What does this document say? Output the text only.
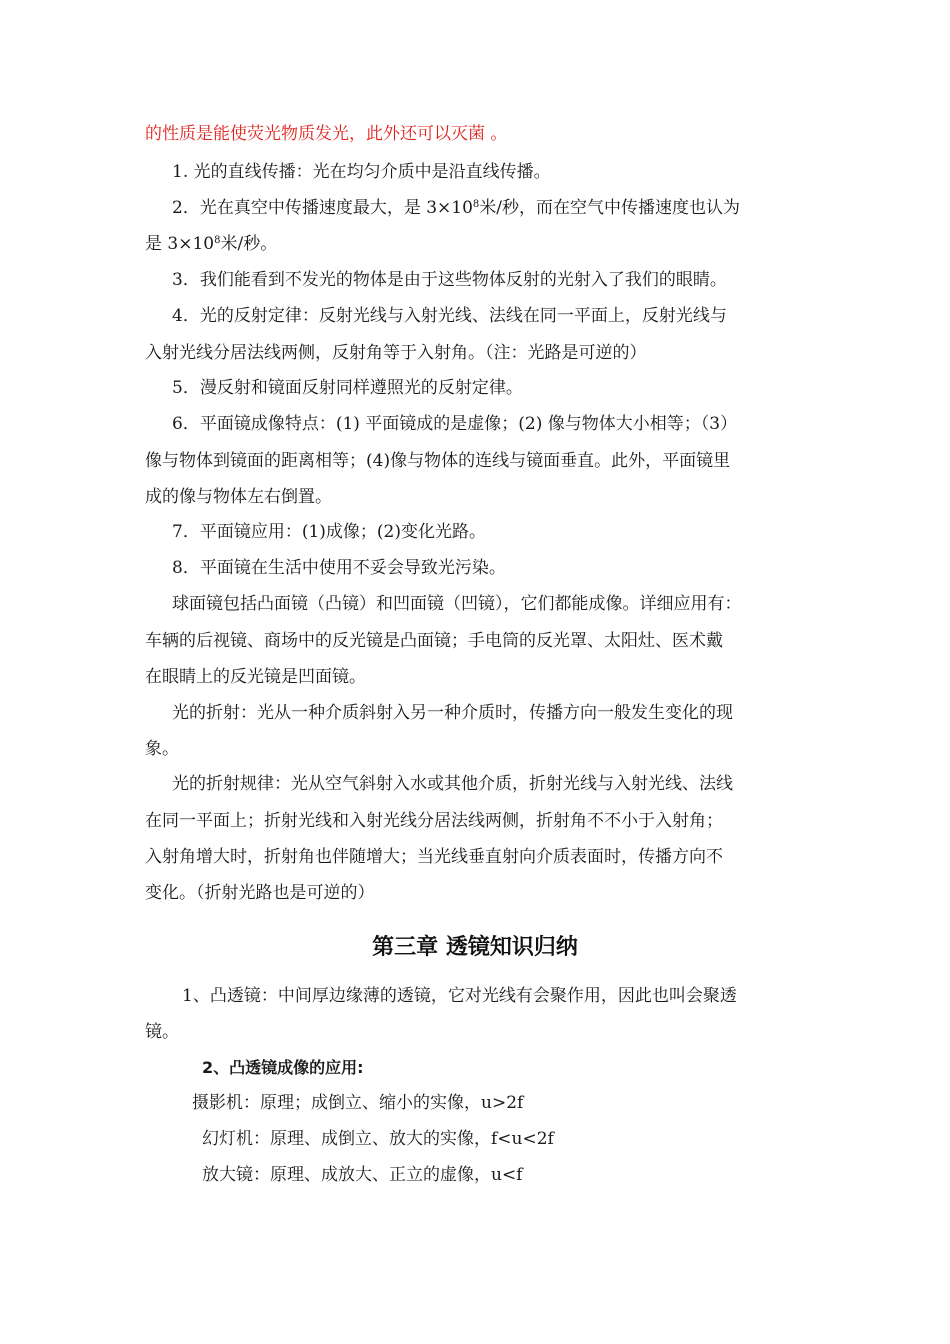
的性质是能使荧光物质发光，此外还可以灭菌 。
1. 光的直线传播：光在均匀介质中是沿直线传播。
2．光在真空中传播速度最大，是 $3\times 10^8$米/秒，而在空气中传播速度也认为
是 $3\times 10^8$米/秒。
3．我们能看到不发光的物体是由于这些物体反射的光射入了我们的眼睛。
4．光的反射定律：反射光线与入射光线、法线在同一平面上，反射光线与
入射光线分居法线两侧，反射角等于入射角。（注：光路是可逆的）
5．漫反射和镜面反射同样遵照光的反射定律。
6．平面镜成像特点：(1) 平面镜成的是虚像；(2) 像与物体大小相等；（3）
像与物体到镜面的距离相等；(4)像与物体的连线与镜面垂直。此外，平面镜里
成的像与物体左右倒置。
7．平面镜应用：(1)成像；(2)变化光路。
8．平面镜在生活中使用不妥会导致光污染。
球面镜包括凸面镜（凸镜）和凹面镜（凹镜），它们都能成像。详细应用有：
车辆的后视镜、商场中的反光镜是凸面镜；手电筒的反光罩、太阳灶、医术戴
在眼睛上的反光镜是凹面镜。
光的折射：光从一种介质斜射入另一种介质时，传播方向一般发生变化的现
象。
光的折射规律：光从空气斜射入水或其他介质，折射光线与入射光线、法线
在同一平面上；折射光线和入射光线分居法线两侧，折射角不不小于入射角；
入射角增大时，折射角也伴随增大；当光线垂直射向介质表面时，传播方向不
变化。（折射光路也是可逆的）
第三章 透镜知识归纳
1、凸透镜：中间厚边缘薄的透镜，它对光线有会聚作用，因此也叫会聚透
镜。
2、凸透镜成像的应用:
摄影机：原理；成倒立、缩小的实像，u>2f
幻灯机：原理、成倒立、放大的实像，f<u<2f
放大镜：原理、成放大、正立的虚像，u<f
